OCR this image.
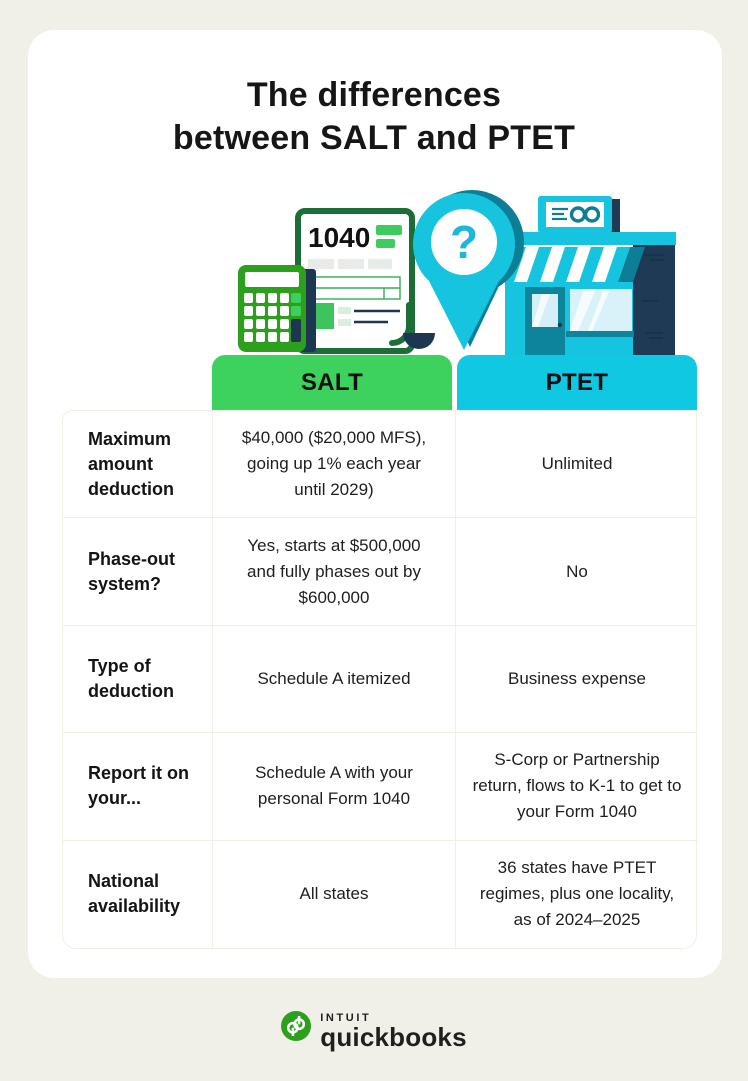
The differences
between SALT and PTET
1040 ?
SALT	PTET
Maximum amount deduction
$40,000 ($20,000 MFS), going up 1% each year until 2029)
Unlimited
Phase-out system?
Yes, starts at $500,000 and fully phases out by $600,000
No
Type of deduction
Schedule A itemized	Business expense
Report it on your...
Schedule A with your personal Form 1040
S-Corp or Partnership return, flows to K-1 to get to your Form 1040
National availability
All states
36 states have PTET regimes, plus one locality, as of 2024–2025
INTUIT
quickbooks
